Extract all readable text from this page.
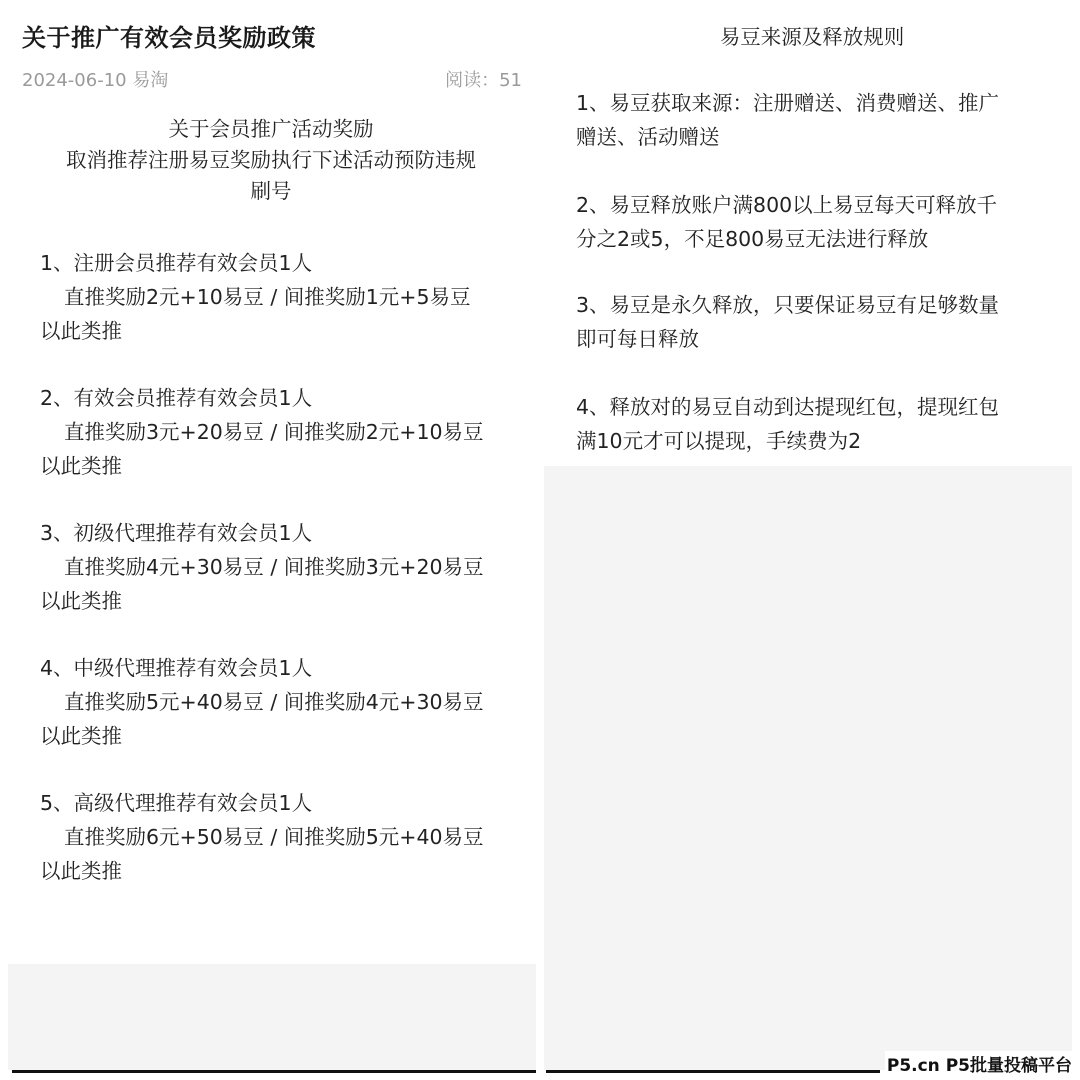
关于推广有效会员奖励政策
2024-06-10 易淘	阅读：51
关于会员推广活动奖励
取消推荐注册易豆奖励执行下述活动预防违规
刷号
1、注册会员推荐有效会员1人
直推奖励2元+10易豆 / 间推奖励1元+5易豆
以此类推
2、有效会员推荐有效会员1人
直推奖励3元+20易豆 / 间推奖励2元+10易豆
以此类推
3、初级代理推荐有效会员1人
直推奖励4元+30易豆 / 间推奖励3元+20易豆
以此类推
4、中级代理推荐有效会员1人
直推奖励5元+40易豆 / 间推奖励4元+30易豆
以此类推
5、高级代理推荐有效会员1人
直推奖励6元+50易豆 / 间推奖励5元+40易豆
以此类推
易豆来源及释放规则
1、易豆获取来源：注册赠送、消费赠送、推广
赠送、活动赠送
2、易豆释放账户满800以上易豆每天可释放千
分之2或5，不足800易豆无法进行释放
3、易豆是永久释放，只要保证易豆有足够数量
即可每日释放
4、释放对的易豆自动到达提现红包，提现红包
满10元才可以提现，手续费为2
P5.cn P5批量投稿平台
